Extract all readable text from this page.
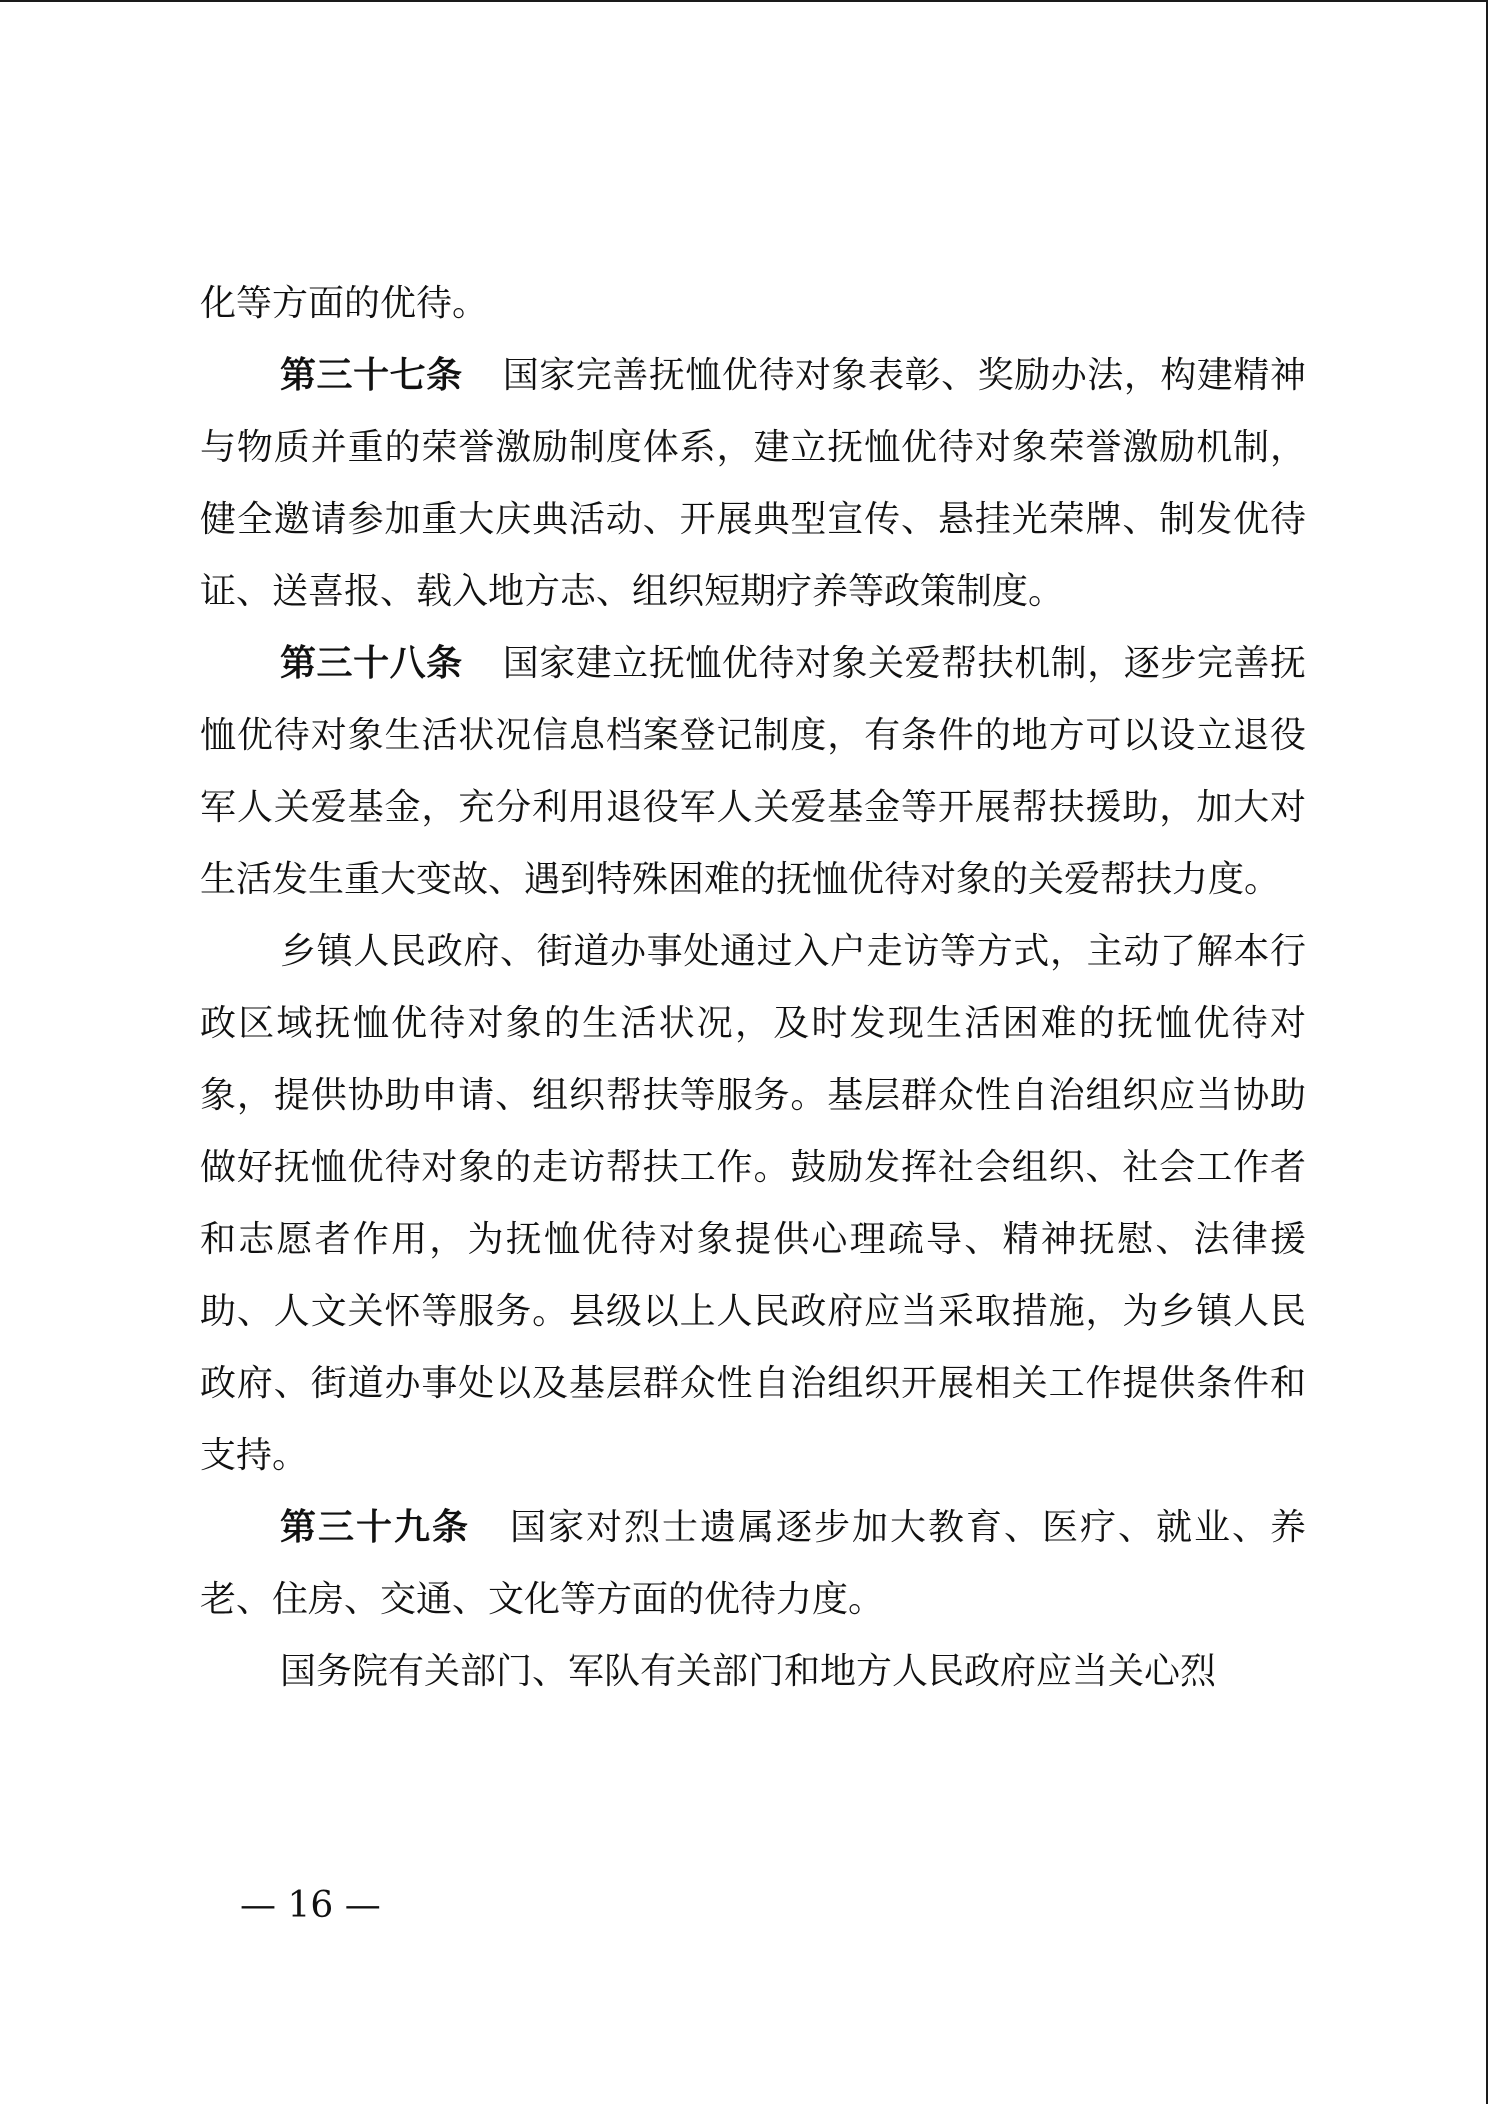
化等方面的优待。

第三十七条 国家完善抚恤优待对象表彰、奖励办法，构建精神与物质并重的荣誉激励制度体系，建立抚恤优待对象荣誉激励机制，健全邀请参加重大庆典活动、开展典型宣传、悬挂光荣牌、制发优待证、送喜报、载入地方志、组织短期疗养等政策制度。

第三十八条 国家建立抚恤优待对象关爱帮扶机制，逐步完善抚恤优待对象生活状况信息档案登记制度，有条件的地方可以设立退役军人关爱基金，充分利用退役军人关爱基金等开展帮扶援助，加大对生活发生重大变故、遇到特殊困难的抚恤优待对象的关爱帮扶力度。

乡镇人民政府、街道办事处通过入户走访等方式，主动了解本行政区域抚恤优待对象的生活状况，及时发现生活困难的抚恤优待对象，提供协助申请、组织帮扶等服务。基层群众性自治组织应当协助做好抚恤优待对象的走访帮扶工作。鼓励发挥社会组织、社会工作者和志愿者作用，为抚恤优待对象提供心理疏导、精神抚慰、法律援助、人文关怀等服务。县级以上人民政府应当采取措施，为乡镇人民政府、街道办事处以及基层群众性自治组织开展相关工作提供条件和支持。

第三十九条 国家对烈士遗属逐步加大教育、医疗、就业、养老、住房、交通、文化等方面的优待力度。

国务院有关部门、军队有关部门和地方人民政府应当关心烈

— 16 —
